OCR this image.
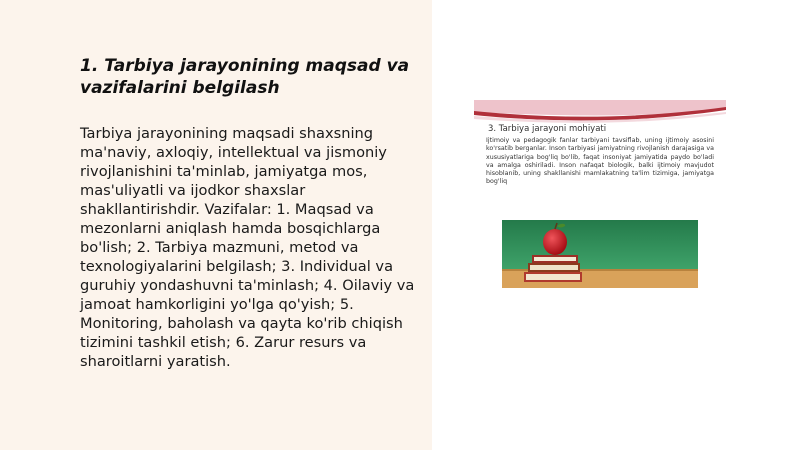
1. Tarbiya jarayonining maqsad va vazifalarini belgilash

Tarbiya jarayonining maqsadi shaxsning ma'naviy, axloqiy, intellektual va jismoniy rivojlanishini ta'minlab, jamiyatga mos, mas'uliyatli va ijodkor shaxslar shakllantirishdir. Vazifalar: 1. Maqsad va mezonlarni aniqlash hamda bosqichlarga bo'lish; 2. Tarbiya mazmuni, metod va texnologiyalarini belgilash; 3. Individual va guruhiy yondashuvni ta'minlash; 4. Oilaviy va jamoat hamkorligini yo'lga qo'yish; 5. Monitoring, baholash va qayta ko'rib chiqish tizimini tashkil etish; 6. Zarur resurs va sharoitlarni yaratish.

3. Tarbiya jarayoni mohiyati

Ijtimoiy va pedagogik fanlar tarbiyani tavsiflab, uning ijtimoiy asosini ko'rsatib berganlar. Inson tarbiyasi jamiyatning rivojlanish darajasiga va xususiyatlariga bog'liq bo'lib, faqat insoniyat jamiyatida paydo bo'ladi va amalga oshiriladi. Inson nafaqat biologik, balki ijtimoiy mavjudot hisoblanib, uning shakllanishi mamlakatning ta'lim tizimiga, jamiyatga bog'liq
